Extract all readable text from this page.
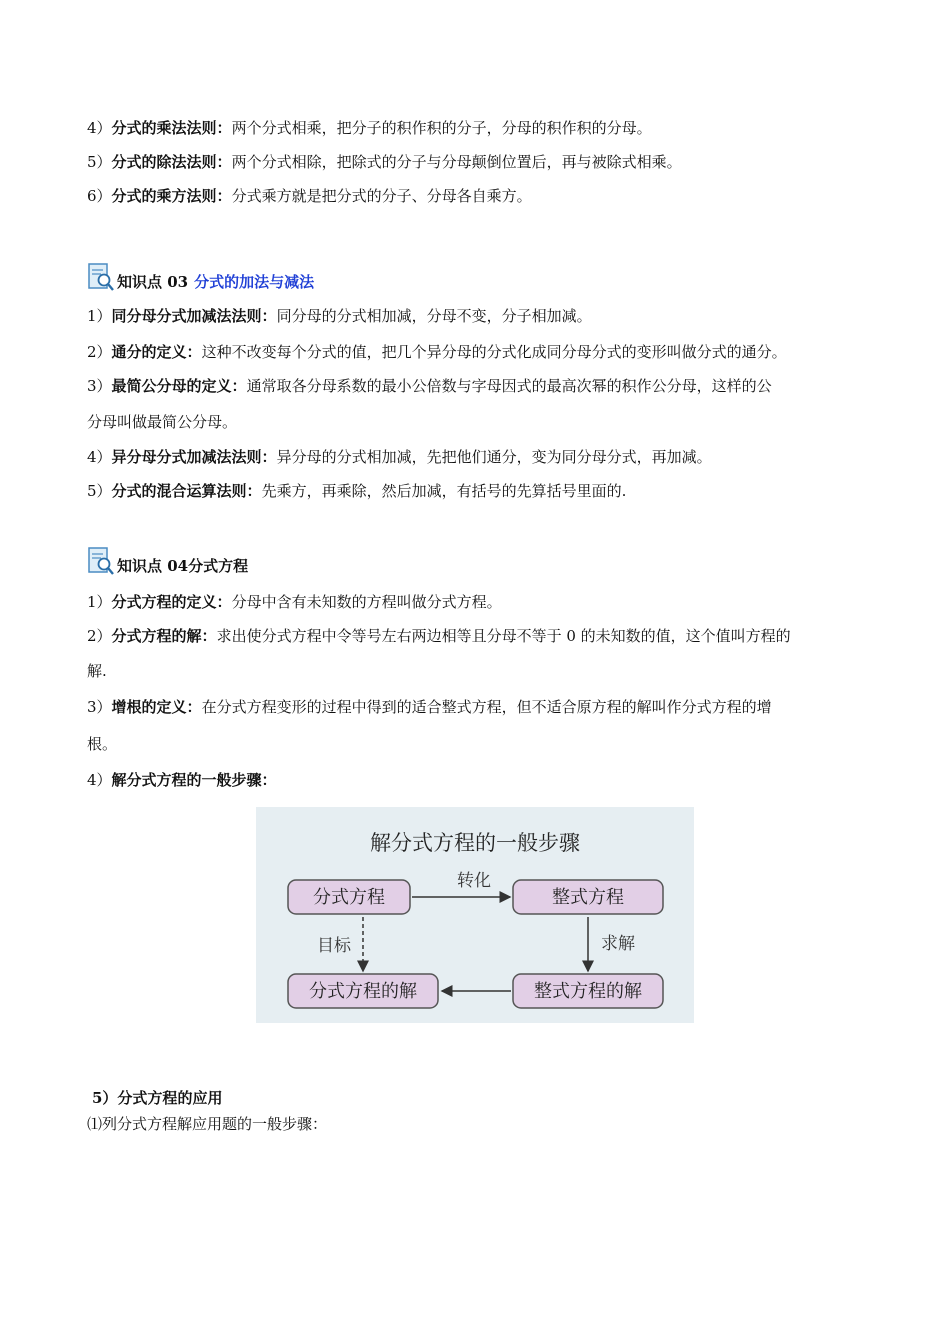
4）分式的乘法法则：两个分式相乘，把分子的积作积的分子，分母的积作积的分母。
5）分式的除法法则：两个分式相除，把除式的分子与分母颠倒位置后，再与被除式相乘。
6）分式的乘方法则：分式乘方就是把分式的分子、分母各自乘方。
知识点 03 分式的加法与减法
1）同分母分式加减法法则：同分母的分式相加减，分母不变，分子相加减。
2）通分的定义：这种不改变每个分式的值，把几个异分母的分式化成同分母分式的变形叫做分式的通分。
3）最简公分母的定义：通常取各分母系数的最小公倍数与字母因式的最高次幂的积作公分母，这样的公
分母叫做最简公分母。
4）异分母分式加减法法则：异分母的分式相加减，先把他们通分，变为同分母分式，再加减。
5）分式的混合运算法则：先乘方，再乘除，然后加减，有括号的先算括号里面的.
知识点 04 分式方程
1）分式方程的定义：分母中含有未知数的方程叫做分式方程。
2）分式方程的解：求出使分式方程中令等号左右两边相等且分母不等于 0 的未知数的值，这个值叫方程的
解.
3）增根的定义：在分式方程变形的过程中得到的适合整式方程，但不适合原方程的解叫作分式方程的增
根。
4）解分式方程的一般步骤：
解分式方程的一般步骤
分式方程	整式方程
分式方程的解	整式方程的解
转化
目标	求解
5）分式方程的应用
⑴列分式方程解应用题的一般步骤：
